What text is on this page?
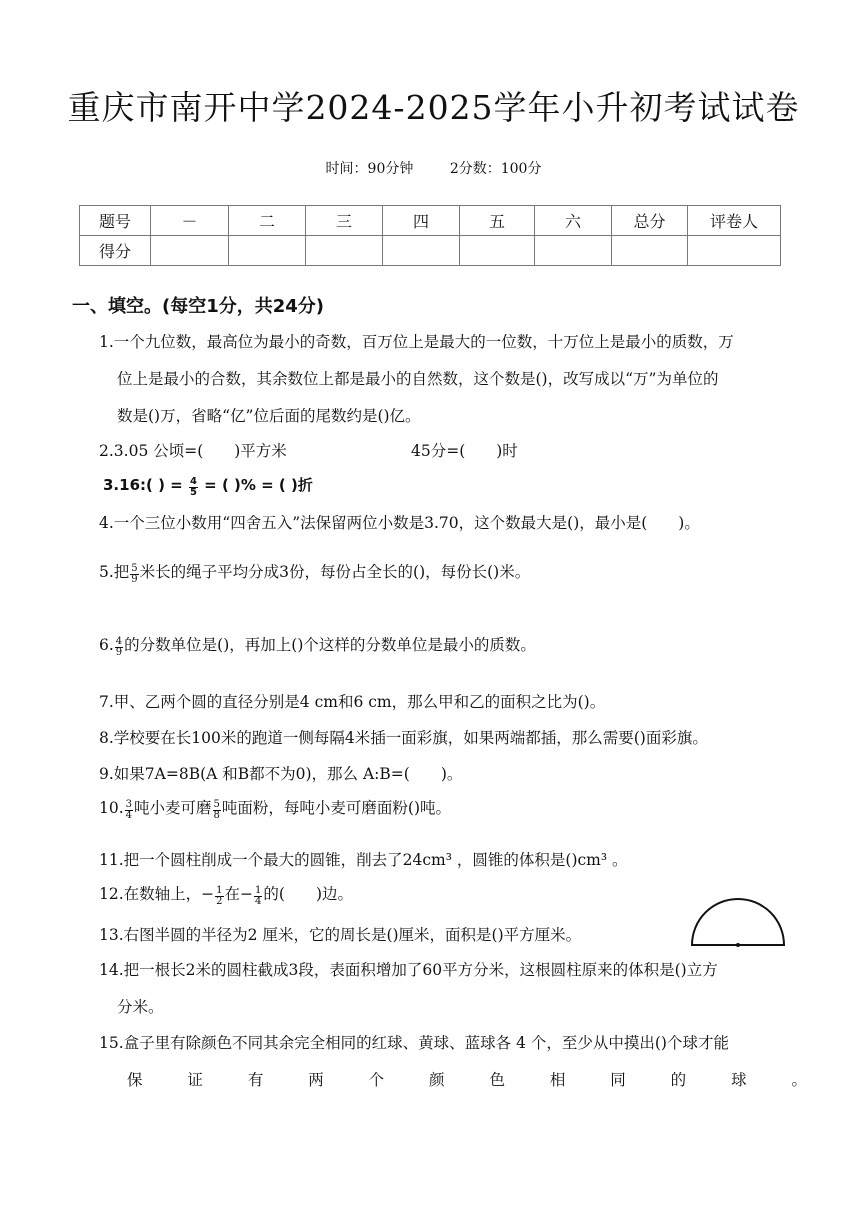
重庆市南开中学2024-2025学年小升初考试试卷
时间：90分钟	2分数：100分
题号	－	二	三	四	五	六	总分	评卷人
得分								
一、填空。(每空1分，共24分)
1.一个九位数，最高位为最小的奇数，百万位上是最大的一位数，十万位上是最小的质数，万
位上是最小的合数，其余数位上都是最小的自然数，这个数是()，改写成以“万”为单位的
数是()万，省略“亿”位后面的尾数约是()亿。
2.3.05 公顷=(　　)平方米	45分=(　　)时
3.16:( ) = $\frac{4}{5}$ = ( )% = ( )折
4.一个三位小数用“四舍五入”法保留两位小数是3.70，这个数最大是()，最小是(　　)。
5.把 $\frac{5}{9}$ 米长的绳子平均分成3份，每份占全长的()，每份长()米。
6. $\frac{4}{9}$ 的分数单位是()，再加上()个这样的分数单位是最小的质数。
7.甲、乙两个圆的直径分别是4 cm和6 cm，那么甲和乙的面积之比为()。
8.学校要在长100米的跑道一侧每隔4米插一面彩旗，如果两端都插，那么需要()面彩旗。
9.如果7A=8B(A 和B都不为0)，那么 A:B=(　　)。
10. $\frac{3}{4}$ 吨小麦可磨 $\frac{5}{8}$ 吨面粉，每吨小麦可磨面粉()吨。
11.把一个圆柱削成一个最大的圆锥，削去了24cm³ ，圆锥的体积是()cm³ 。
12.在数轴上，− $\frac{1}{2}$ 在− $\frac{1}{4}$ 的(　　)边。
13.右图半圆的半径为2 厘米，它的周长是()厘米，面积是()平方厘米。
14.把一根长2米的圆柱截成3段，表面积增加了60平方分米，这根圆柱原来的体积是()立方
分米。
15.盒子里有除颜色不同其余完全相同的红球、黄球、蓝球各 4 个，至少从中摸出()个球才能
保	证	有	两	个	颜	色	相	同	的	球	。
